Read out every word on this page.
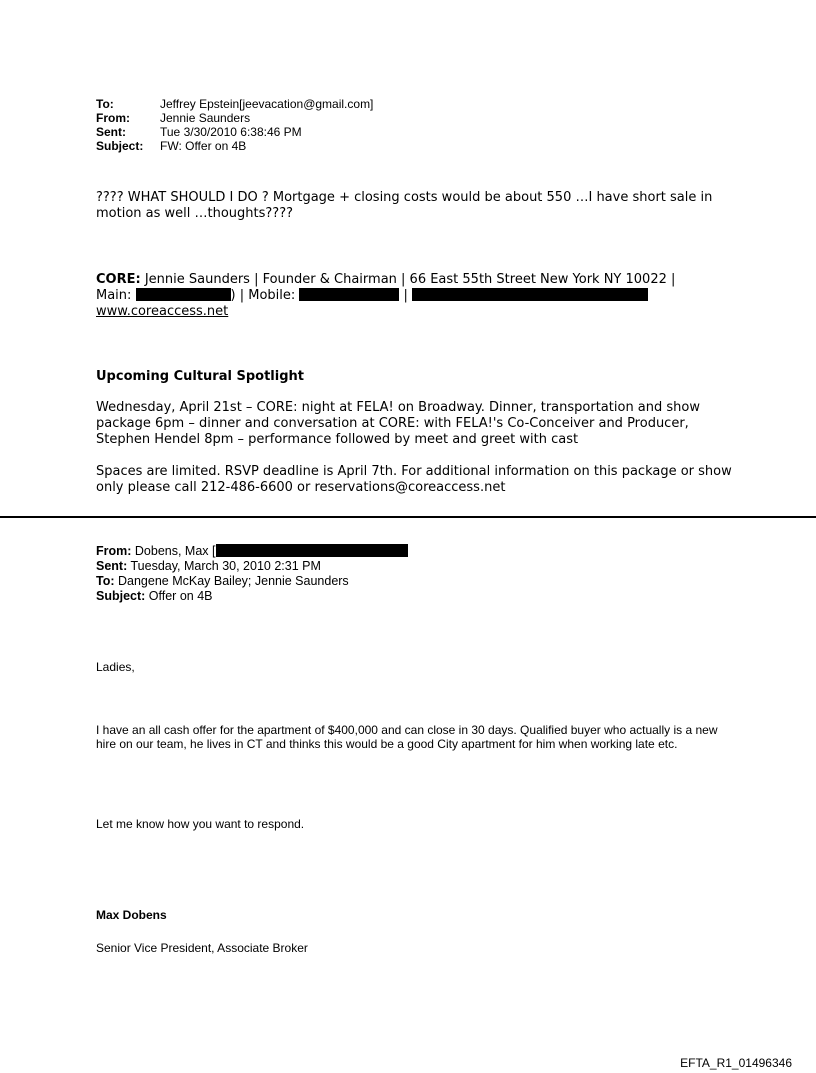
To:	Jeffrey Epstein[jeevacation@gmail.com]
From:	Jennie Saunders
Sent:	Tue 3/30/2010 6:38:46 PM
Subject:	FW: Offer on 4B
???? WHAT SHOULD I DO ? Mortgage + closing costs would be about 550 …I have short sale in motion as well …thoughts????
CORE: Jennie Saunders | Founder & Chairman | 66 East 55th Street New York NY 10022 |
Main:	) | Mobile:	|
www.coreaccess.net
Upcoming Cultural Spotlight
Wednesday, April 21st – CORE: night at FELA! on Broadway. Dinner, transportation and show package 6pm – dinner and conversation at CORE: with FELA!'s Co-Conceiver and Producer, Stephen Hendel 8pm – performance followed by meet and greet with cast
Spaces are limited. RSVP deadline is April 7th. For additional information on this package or show only please call 212-486-6600 or reservations@coreaccess.net
From: Dobens, Max [
Sent: Tuesday, March 30, 2010 2:31 PM
To: Dangene McKay Bailey; Jennie Saunders
Subject: Offer on 4B
Ladies,
I have an all cash offer for the apartment of $400,000 and can close in 30 days. Qualified buyer who actually is a new hire on our team, he lives in CT and thinks this would be a good City apartment for him when working late etc.
Let me know how you want to respond.
Max Dobens
Senior Vice President, Associate Broker
EFTA_R1_01496346
